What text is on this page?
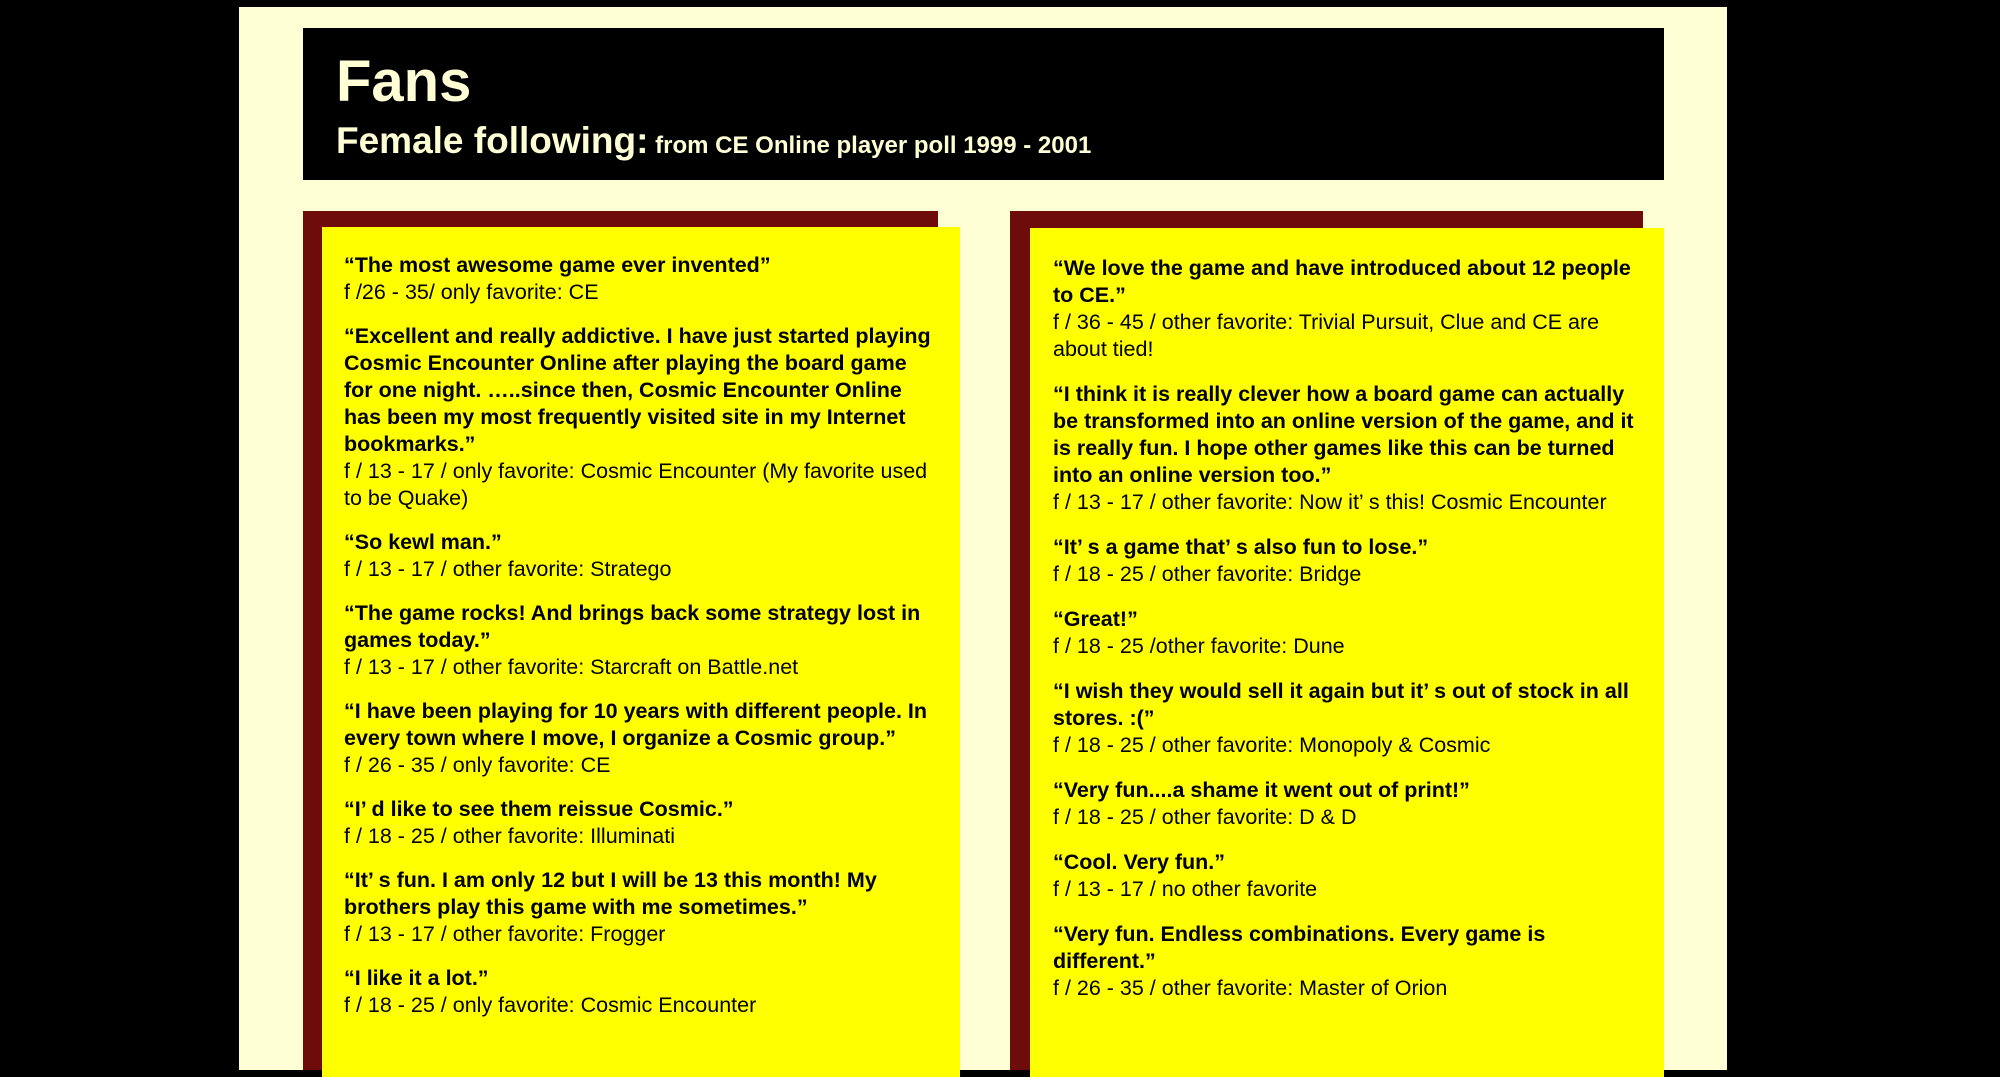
Fans
Female following: from CE Online player poll 1999 - 2001

“The most awesome game ever invented”

f /26 - 35/ only favorite: CE

“Excellent and really addictive. I have just started playing Cosmic Encounter Online after playing the board game for one night. …..since then, Cosmic Encounter Online has been my most frequently visited site in my Internet bookmarks.”

f / 13 - 17 / only favorite: Cosmic Encounter (My favorite used to be Quake)

“So kewl man.”

f / 13 - 17 / other favorite: Stratego

“The game rocks! And brings back some strategy lost in games today.”

f / 13 - 17 / other favorite: Starcraft on Battle.net

“I have been playing for 10 years with different people. In every town where I move, I organize a Cosmic group.”

f / 26 - 35 / only favorite: CE

“I’ d like to see them reissue Cosmic.”

f / 18 - 25 / other favorite: Illuminati

“It’ s fun. I am only 12 but I will be 13 this month! My brothers play this game with me sometimes.”

f / 13 - 17 / other favorite: Frogger

“I like it a lot.”

f / 18 - 25 / only favorite: Cosmic Encounter

“We love the game and have introduced about 12 people to CE.”

f / 36 - 45 / other favorite: Trivial Pursuit, Clue and CE are about tied!

“I think it is really clever how a board game can actually be transformed into an online version of the game, and it is really fun. I hope other games like this can be turned into an online version too.”

f / 13 - 17 / other favorite: Now it’ s this! Cosmic Encounter

“It’ s a game that’ s also fun to lose.”

f / 18 - 25 / other favorite: Bridge

“Great!”

f / 18 - 25 /other favorite: Dune

“I wish they would sell it again but it’ s out of stock in all stores. :(”

f / 18 - 25 / other favorite: Monopoly & Cosmic

“Very fun....a shame it went out of print!”

f / 18 - 25 / other favorite: D & D

“Cool. Very fun.”

f / 13 - 17 / no other favorite

“Very fun. Endless combinations. Every game is different.”

f / 26 - 35 / other favorite: Master of Orion
